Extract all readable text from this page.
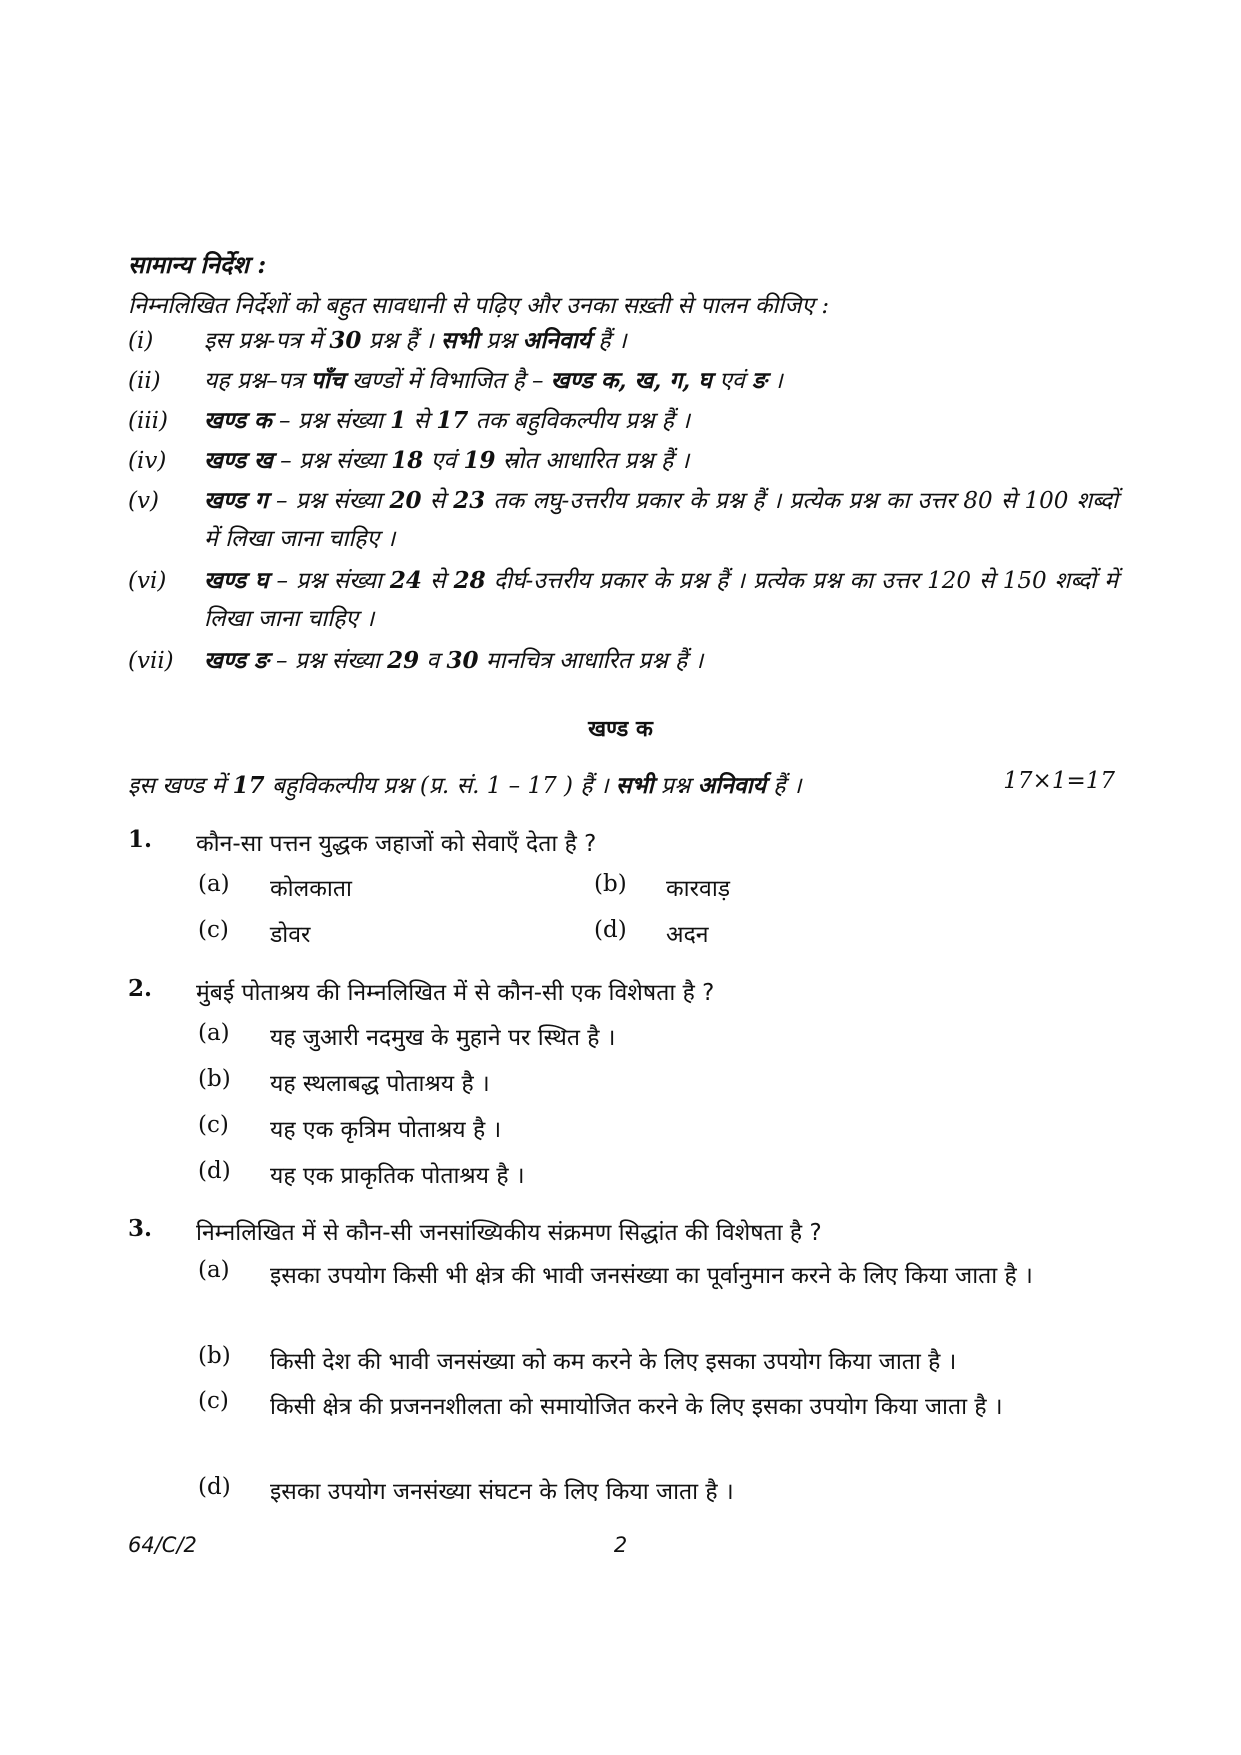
सामान्य निर्देश :
निम्नलिखित निर्देशों को बहुत सावधानी से पढ़िए और उनका सख़्ती से पालन कीजिए :
(i)	इस प्रश्न-पत्र में 30 प्रश्न हैं । सभी प्रश्न अनिवार्य हैं ।
(ii)	यह प्रश्न–पत्र पाँच खण्डों में विभाजित है – खण्ड क, ख, ग, घ एवं ङ ।
(iii)	खण्ड क – प्रश्न संख्या 1 से 17 तक बहुविकल्पीय प्रश्न हैं ।
(iv)	खण्ड ख – प्रश्न संख्या 18 एवं 19 स्रोत आधारित प्रश्न हैं ।
(v)	खण्ड ग – प्रश्न संख्या 20 से 23 तक लघु-उत्तरीय प्रकार के प्रश्न हैं । प्रत्येक प्रश्न का उत्तर 80 से 100 शब्दों में लिखा जाना चाहिए ।
(vi)	खण्ड घ – प्रश्न संख्या 24 से 28 दीर्घ-उत्तरीय प्रकार के प्रश्न हैं । प्रत्येक प्रश्न का उत्तर 120 से 150 शब्दों में लिखा जाना चाहिए ।
(vii)	खण्ड ङ – प्रश्न संख्या 29 व 30 मानचित्र आधारित प्रश्न हैं ।
खण्ड क
इस खण्ड में 17 बहुविकल्पीय प्रश्न (प्र. सं. 1 – 17 ) हैं । सभी प्रश्न अनिवार्य हैं ।	17×1=17
1. कौन-सा पत्तन युद्धक जहाजों को सेवाएँ देता है ?
(a) कोलकाता	(b) कारवाड़
(c) डोवर	(d) अदन
2. मुंबई पोताश्रय की निम्नलिखित में से कौन-सी एक विशेषता है ?
(a) यह जुआरी नदमुख के मुहाने पर स्थित है ।
(b) यह स्थलाबद्ध पोताश्रय है ।
(c) यह एक कृत्रिम पोताश्रय है ।
(d) यह एक प्राकृतिक पोताश्रय है ।
3. निम्नलिखित में से कौन-सी जनसांख्यिकीय संक्रमण सिद्धांत की विशेषता है ?
(a) इसका उपयोग किसी भी क्षेत्र की भावी जनसंख्या का पूर्वानुमान करने के लिए किया जाता है ।
(b) किसी देश की भावी जनसंख्या को कम करने के लिए इसका उपयोग किया जाता है ।
(c) किसी क्षेत्र की प्रजननशीलता को समायोजित करने के लिए इसका उपयोग किया जाता है ।
(d) इसका उपयोग जनसंख्या संघटन के लिए किया जाता है ।
64/C/2	2
